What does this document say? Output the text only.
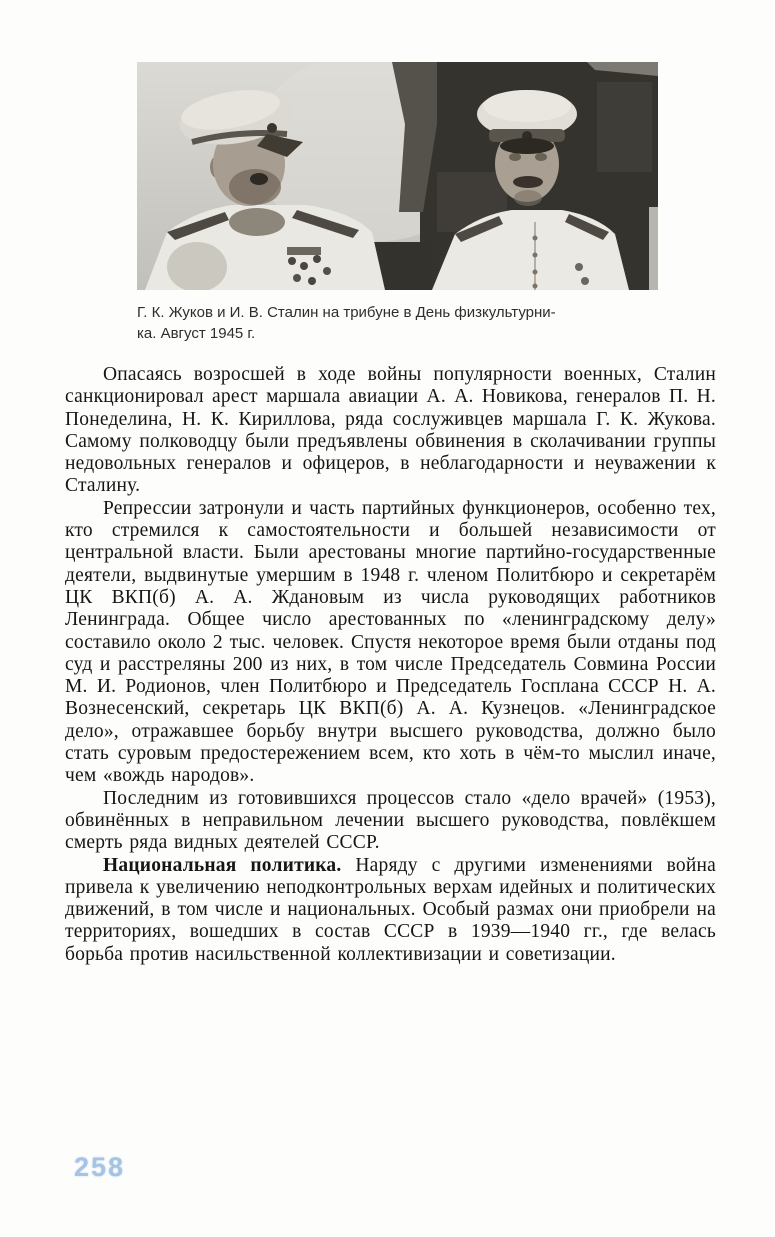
Г. К. Жуков и И. В. Сталин на трибуне в День физкультурни-
ка. Август 1945 г.

Опасаясь возросшей в ходе войны популярности военных, Сталин санкционировал арест маршала авиации А. А. Новикова, генералов П. Н. Понеделина, Н. К. Кириллова, ряда сослуживцев маршала Г. К. Жукова. Самому полководцу были предъявлены обвинения в сколачивании группы недовольных генералов и офицеров, в неблагодарности и неуважении к Сталину.

Репрессии затронули и часть партийных функционеров, особенно тех, кто стремился к самостоятельности и большей независимости от центральной власти. Были арестованы многие партийно-государственные деятели, выдвинутые умершим в 1948 г. членом Политбюро и секретарём ЦК ВКП(б) А. А. Ждановым из числа руководящих работников Ленинграда. Общее число арестованных по «ленинградскому делу» составило около 2 тыс. человек. Спустя некоторое время были отданы под суд и расстреляны 200 из них, в том числе Председатель Совмина России М. И. Родионов, член Политбюро и Председатель Госплана СССР Н. А. Вознесенский, секретарь ЦК ВКП(б) А. А. Кузнецов. «Ленинградское дело», отражавшее борьбу внутри высшего руководства, должно было стать суровым предостережением всем, кто хоть в чём-то мыслил иначе, чем «вождь народов».

Последним из готовившихся процессов стало «дело врачей» (1953), обвинённых в неправильном лечении высшего руководства, повлёкшем смерть ряда видных деятелей СССР.

Национальная политика. Наряду с другими изменениями война привела к увеличению неподконтрольных верхам идейных и политических движений, в том числе и национальных. Особый размах они приобрели на территориях, вошедших в состав СССР в 1939—1940 гг., где велась борьба против насильственной коллективизации и советизации.

258
